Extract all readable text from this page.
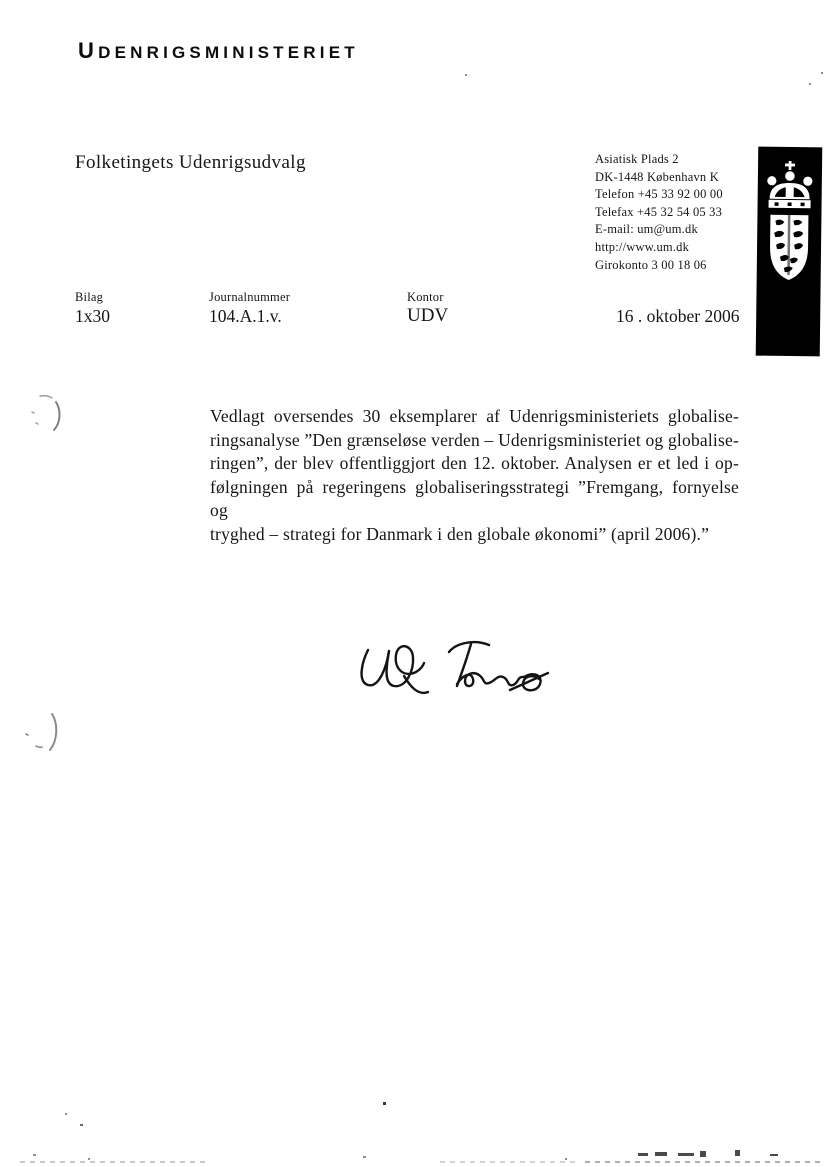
UDENRIGSMINISTERIET
Folketingets Udenrigsudvalg	Asiatisk Plads 2
DK-1448 København K
Telefon +45 33 92 00 00
Telefax +45 32 54 05 33
E-mail: um@um.dk
http://www.um.dk
Girokonto 3 00 18 06
Bilag	Journalnummer	Kontor
1x30	104.A.1.v.	UDV	16 . oktober 2006
Vedlagt oversendes 30 eksemplarer af Udenrigsministeriets globalise-
ringsanalyse ”Den grænseløse verden – Udenrigsministeriet og globalise-
ringen”, der blev offentliggjort den 12. oktober. Analysen er et led i op-
følgningen på regeringens globaliseringsstrategi ”Fremgang, fornyelse og
tryghed – strategi for Danmark i den globale økonomi” (april 2006).”
